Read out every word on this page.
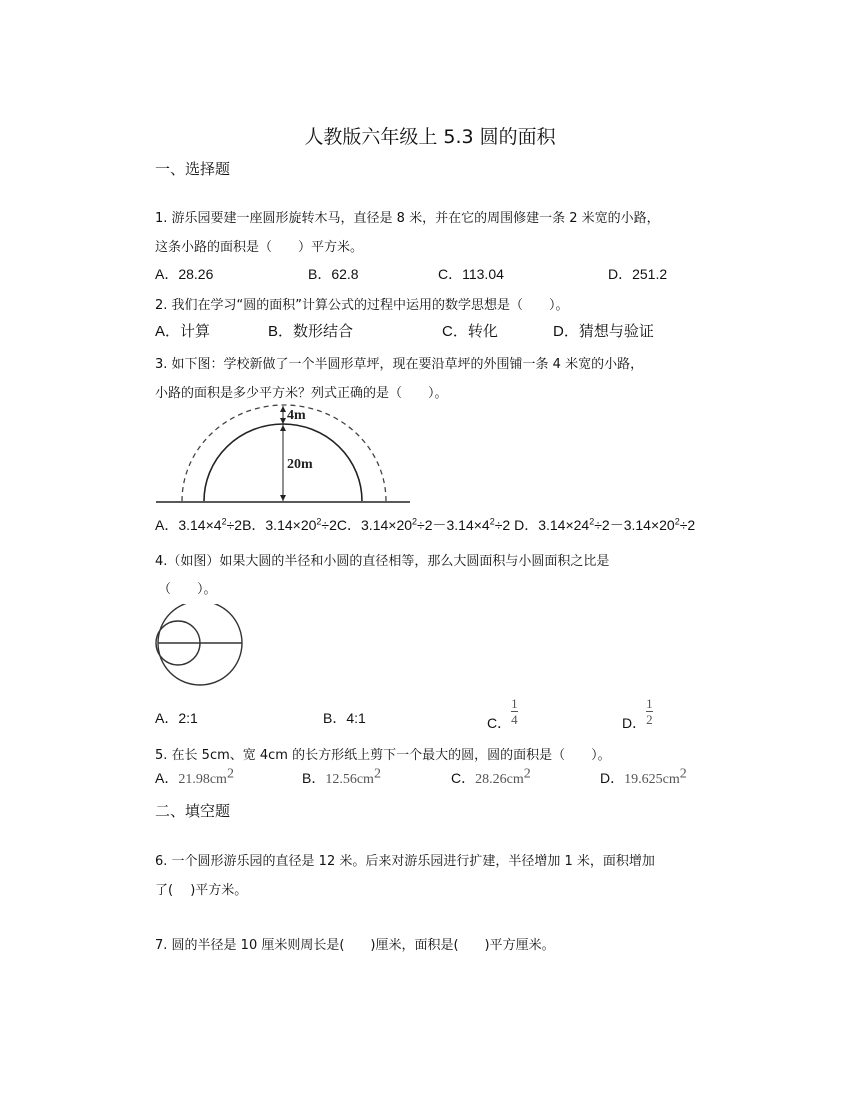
人教版六年级上 5.3 圆的面积
一、选择题
1. 游乐园要建一座圆形旋转木马，直径是 8 米，并在它的周围修建一条 2 米宽的小路，
这条小路的面积是（　　）平方米。
A．28.26	B．62.8	C．113.04	D．251.2
2. 我们在学习“圆的面积”计算公式的过程中运用的数学思想是（　　）。
A．计算	B．数形结合	C．转化	D．猜想与验证
3. 如下图：学校新做了一个半圆形草坪，现在要沿草坪的外围铺一条 4 米宽的小路，
小路的面积是多少平方米？列式正确的是（　　）。
4m
20m
A．$3.14\times 4^2\div 2B$．$3.14\times 20^2\div 2C$．$3.14\times 20^2\div 2-3.14\times 4^2\div 2$ D．$3.14\times 24^2\div 2-3.14\times 20^2\div 2$
4.（如图）如果大圆的半径和小圆的直径相等，那么大圆面积与小圆面积之比是
（　　）。
A．2:1	B．4:1	C． $\frac{1}{4}$	D． $\frac{1}{2}$
5. 在长 5cm、宽 4cm 的长方形纸上剪下一个最大的圆，圆的面积是（　　）。
A．$21.98cm^2$	B．$12.56cm^2$	C．$28.26cm^2$	D．$19.625cm^2$
二、填空题
6. 一个圆形游乐园的直径是 12 米。后来对游乐园进行扩建，半径增加 1 米，面积增加
了(　 )平方米。
7. 圆的半径是 10 厘米则周长是(　　)厘米，面积是(　　)平方厘米。
